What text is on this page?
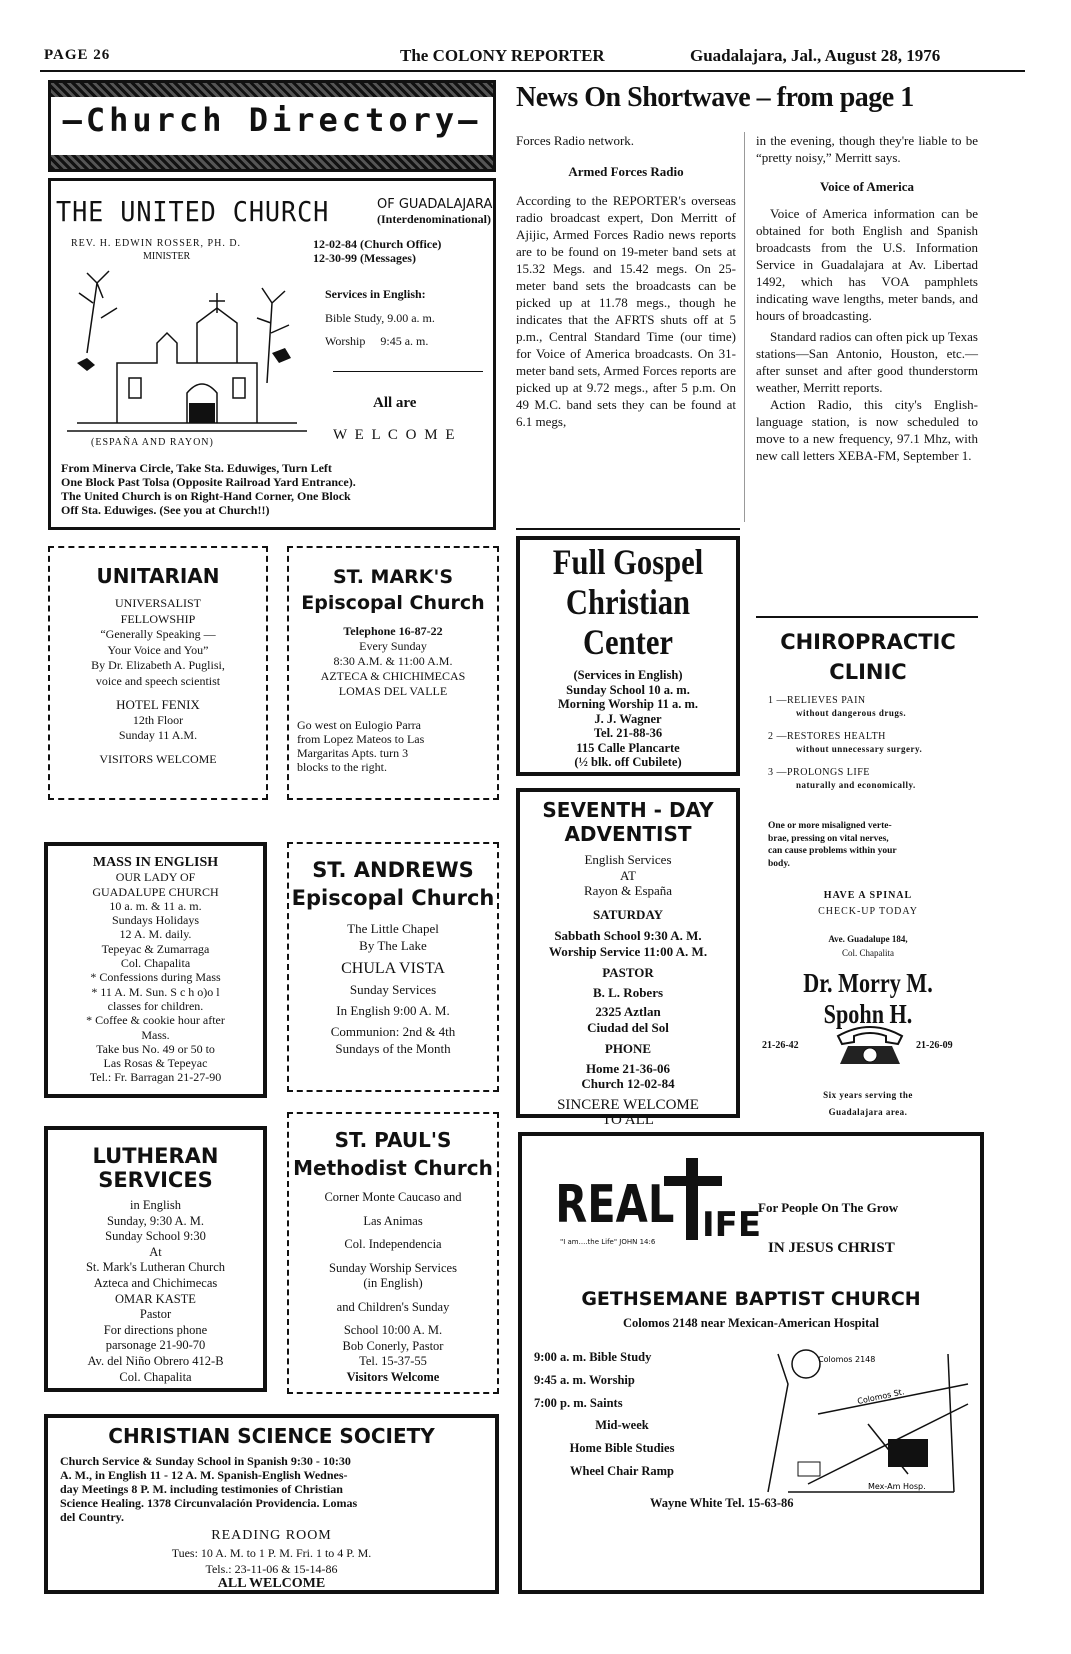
PAGE 26	The COLONY REPORTER	Guadalajara, Jal., August 28, 1976
—Church Directory—
THE UNITED CHURCH	OF GUADALAJARA
(Interdenominational)
REV. H. EDWIN ROSSER, PH. D.
MINISTER
12-02-84 (Church Office)
12-30-99 (Messages)
Services in English:
Bible Study, 9.00 a. m.
Worship     9:45 a. m.
All are
W E L C O M E
(ESPAÑA AND RAYON)
From Minerva Circle, Take Sta. Eduwiges, Turn Left
One Block Past Tolsa (Opposite Railroad Yard Entrance).
The United Church is on Right-Hand Corner, One Block
Off Sta. Eduwiges. (See you at Church!!)
UNITARIAN
UNIVERSALIST
FELLOWSHIP
“Generally Speaking —
Your Voice and You”
By Dr. Elizabeth A. Puglisi,
voice and speech scientist
HOTEL FENIX
12th Floor
Sunday 11 A.M.
VISITORS WELCOME
ST. MARK'S
Episcopal Church
Telephone 16-87-22
Every Sunday
8:30 A.M. & 11:00 A.M.
AZTECA & CHICHIMECAS
LOMAS DEL VALLE
Go west on Eulogio Parra
from Lopez Mateos to Las
Margaritas Apts. turn 3
blocks to the right.
MASS IN ENGLISH
OUR LADY OF
GUADALUPE CHURCH
10 a. m. & 11 a. m.
Sundays Holidays
12 A. M. daily.
Tepeyac & Zumarraga
Col. Chapalita
* Confessions during Mass
* 11 A. M. Sun. S c h o)o l
classes for children.
* Coffee & cookie hour after
Mass.
Take bus No. 49 or 50 to
Las Rosas & Tepeyac
Tel.: Fr. Barragan 21-27-90
ST. ANDREWS
Episcopal Church
The Little Chapel
By The Lake
CHULA VISTA
Sunday Services
In English 9:00 A. M.
Communion: 2nd & 4th
Sundays of the Month
LUTHERAN
SERVICES
in English
Sunday, 9:30 A. M.
Sunday School 9:30
At
St. Mark's Lutheran Church
Azteca and Chichimecas
OMAR KASTE
Pastor
For directions phone
parsonage 21-90-70
Av. del Niño Obrero 412-B
Col. Chapalita
ST. PAUL'S
Methodist Church
Corner Monte Caucaso and
Las Animas
Col. Independencia
Sunday Worship Services
(in English)
and Children's Sunday
School 10:00 A. M.
Bob Conerly, Pastor
Tel. 15-37-55
Visitors Welcome
CHRISTIAN SCIENCE SOCIETY
Church Service & Sunday School in Spanish 9:30 - 10:30
A. M., in English 11 - 12 A. M. Spanish-English Wednes-
day Meetings 8 P. M. including testimonies of Christian
Science Healing. 1378 Circunvalación Providencia. Lomas
del Country.
READING ROOM
Tues: 10 A. M. to 1 P. M. Fri. 1 to 4 P. M.
Tels.: 23-11-06 & 15-14-86
ALL WELCOME
News On Shortwave – from page 1
Forces Radio network.
Armed Forces Radio
According to the REPORTER's overseas radio broadcast expert, Don Merritt of Ajijic, Armed Forces Radio news reports are to be found on 19-meter band sets at 15.32 Megs. and 15.42 megs. On 25-meter band sets the broadcasts can be picked up at 11.78 megs., though he indicates that the AFRTS shuts off at 5 p.m., Central Standard Time (our time) for Voice of America broadcasts. On 31-meter band sets, Armed Forces reports are picked up at 9.72 megs., after 5 p.m. On 49 M.C. band sets they can be found at 6.1 megs,
in the evening, though they're liable to be “pretty noisy,” Merritt says.
Voice of America
Voice of America information can be obtained for both English and Spanish broadcasts from the U.S. Information Service in Guadalajara at Av. Libertad 1492, which has VOA pamphlets indicating wave lengths, meter bands, and hours of broadcasting.
Standard radios can often pick up Texas stations—San Antonio, Houston, etc.— after sunset and after good thunderstorm weather, Merritt reports.
Action Radio, this city's English-language station, is now scheduled to move to a new frequency, 97.1 Mhz, with new call letters XEBA-FM, September 1.
Full Gospel
Christian
Center
(Services in English)
Sunday School 10 a. m.
Morning Worship 11 a. m.
J. J. Wagner
Tel. 21-88-36
115 Calle Plancarte
(½ blk. off Cubilete)
SEVENTH - DAY
ADVENTIST
English Services
AT
Rayon & España
SATURDAY
Sabbath School 9:30 A. M.
Worship Service 11:00 A. M.
PASTOR
B. L. Robers
2325 Aztlan
Ciudad del Sol
PHONE
Home 21-36-06
Church 12-02-84
SINCERE WELCOME
TO ALL
CHIROPRACTIC
CLINIC
1 —RELIEVES PAIN
without dangerous drugs.
2 —RESTORES HEALTH
without unnecessary surgery.
3 —PROLONGS LIFE
naturally and economically.
One or more misaligned verte-
brae, pressing on vital nerves,
can cause problems within your
body.
HAVE A SPINAL
CHECK-UP TODAY
Ave. Guadalupe 184,
Col. Chapalita
Dr. Morry M. Spohn H.
21-26-42	21-26-09
Six years serving the
Guadalajara area.
REAL IFE
"I am....the Life" JOHN 14:6
For People On The Grow
IN JESUS CHRIST
GETHSEMANE BAPTIST CHURCH
Colomos 2148 near Mexican-American Hospital
9:00 a. m. Bible Study
9:45 a. m. Worship
7:00 p. m. Saints
Mid-week
Home Bible Studies
Wheel Chair Ramp
Colomos 2148
Colomos St.
Mex-Am Hosp.
Wayne White Tel. 15-63-86
